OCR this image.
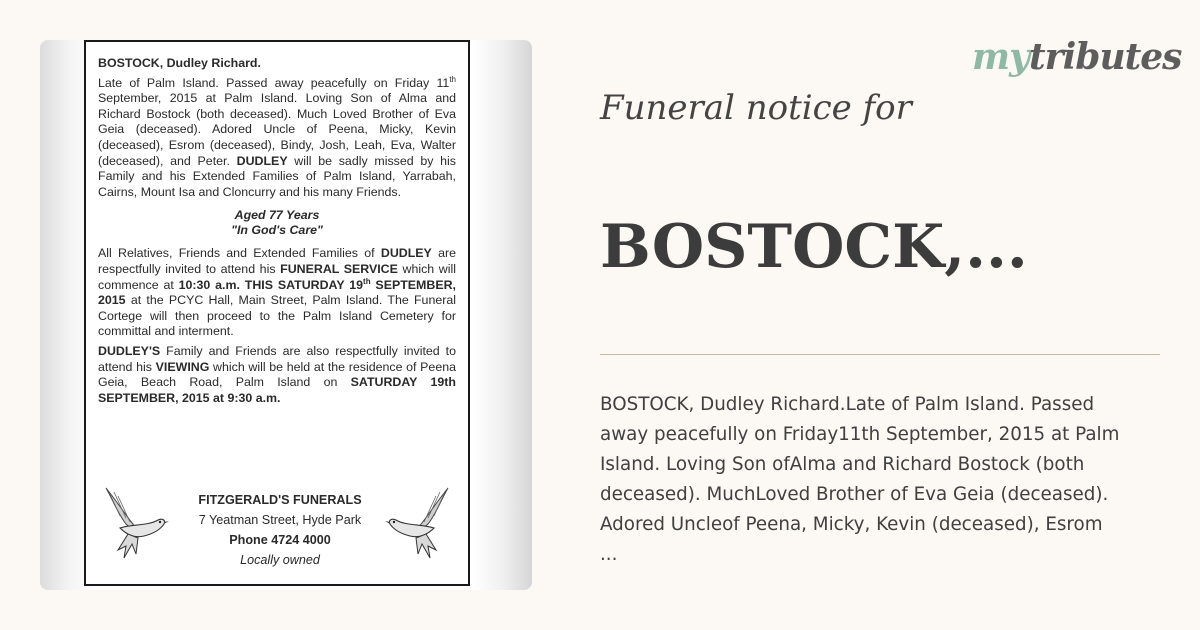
BOSTOCK, Dudley Richard.

Late of Palm Island. Passed away peacefully on Friday 11th September, 2015 at Palm Island. Loving Son of Alma and Richard Bostock (both deceased). Much Loved Brother of Eva Geia (deceased). Adored Uncle of Peena, Micky, Kevin (deceased), Esrom (deceased), Bindy, Josh, Leah, Eva, Walter (deceased), and Peter. DUDLEY will be sadly missed by his Family and his Extended Families of Palm Island, Yarrabah, Cairns, Mount Isa and Cloncurry and his many Friends.

Aged 77 Years
"In God's Care"

All Relatives, Friends and Extended Families of DUDLEY are respectfully invited to attend his FUNERAL SERVICE which will commence at 10:30 a.m. THIS SATURDAY 19th SEPTEMBER, 2015 at the PCYC Hall, Main Street, Palm Island. The Funeral Cortege will then proceed to the Palm Island Cemetery for committal and interment.

DUDLEY'S Family and Friends are also respectfully invited to attend his VIEWING which will be held at the residence of Peena Geia, Beach Road, Palm Island on SATURDAY 19th SEPTEMBER, 2015 at 9:30 a.m.

FITZGERALD'S FUNERALS
7 Yeatman Street, Hyde Park
Phone 4724 4000
Locally owned
mytributes
Funeral notice for
BOSTOCK,...
BOSTOCK, Dudley Richard.Late of Palm Island. Passed
away peacefully on Friday11th September, 2015 at Palm
Island. Loving Son ofAlma and Richard Bostock (both
deceased). MuchLoved Brother of Eva Geia (deceased).
Adored Uncleof Peena, Micky, Kevin (deceased), Esrom
...
